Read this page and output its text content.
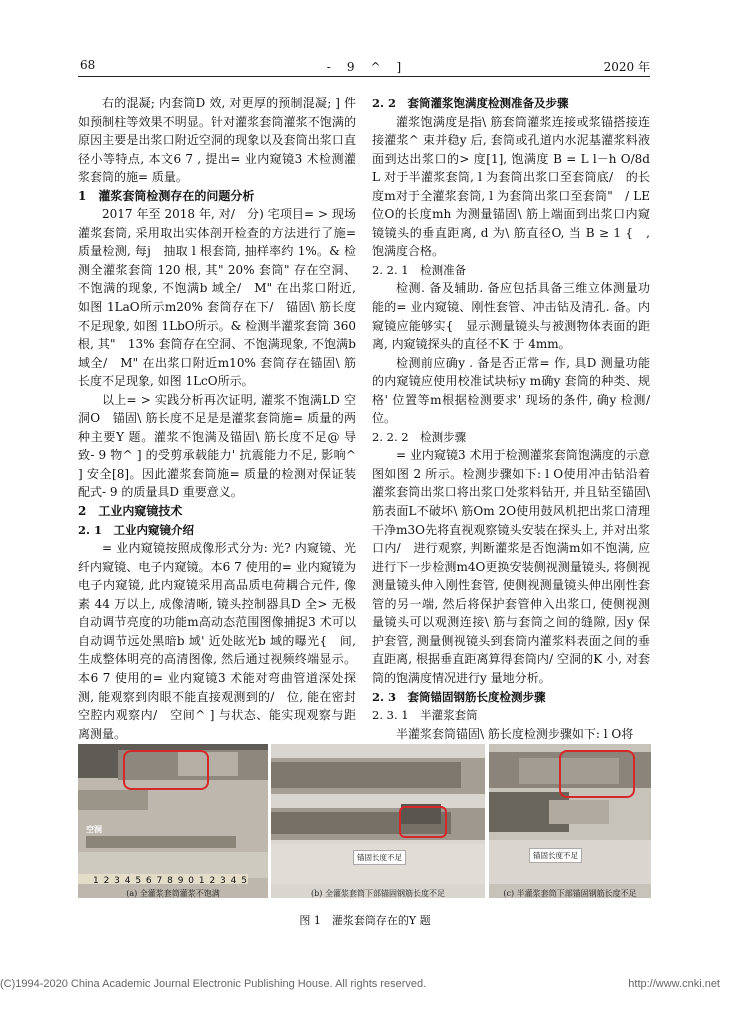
68	-　9　^　]	2020 年

右的混凝; 内套筒D 效, 对更厚的预制混凝; ] 件如预制柱等效果不明显。针对灌浆套筒灌浆不饱满的原因主要是出浆口附近空洞的现象以及套筒出浆口直径小等特点, 本文6 7 , 提出= 业内窥镜3 术检测灌浆套筒的施= 质量。

1　灌浆套筒检测存在的问题分析

2017 年至 2018 年, 对/　分) 宅项目= > 现场灌浆套筒, 采用取出实体剖开检查的方法进行了施= 质量检测, 每j　抽取 l 根套筒, 抽样率约 1%。& 检测全灌浆套筒 120 根, 其" 20% 套筒" 存在空洞、不饱满的现象, 不饱满b 域全/　M" 在出浆口附近, 如图 1LaO所示m20% 套筒存在下/　锚固\ 筋长度不足现象, 如图 1LbO所示。& 检测半灌浆套筒 360 根, 其"　13% 套筒存在空洞、不饱满现象, 不饱满b 域全/　M" 在出浆口附近m10% 套筒存在锚固\ 筋长度不足现象, 如图 1LcO所示。

以上= > 实践分析再次证明, 灌浆不饱满LD 空洞O　锚固\ 筋长度不足是是灌浆套筒施= 质量的两种主要Y 题。灌浆不饱满及锚固\ 筋长度不足@ 导致- 9 物^ ] 的受剪承载能力' 抗震能力不足, 影响^ ] 安全[8]。因此灌浆套筒施= 质量的检测对保证装配式- 9 的质量具D 重要意义。

2　工业内窥镜技术
2. 1　工业内窥镜介绍

= 业内窥镜按照成像形式分为: 光? 内窥镜、光纤内窥镜、电子内窥镜。本6 7 使用的= 业内窥镜为电子内窥镜, 此内窥镜采用高品质电荷耦合元件, 像素 44 万以上, 成像清晰, 镜头控制器具D 全> 无极自动调节亮度的功能m高动态范围图像捕捉3 术可以自动调节远处黑暗b 域' 近处眩光b 域的曝光{　间, 生成整体明亮的高清图像, 然后通过视频终端显示。本6 7 使用的= 业内窥镜3 术能对弯曲管道深处探测, 能观察到肉眼不能直接观测到的/　位, 能在密封空腔内观察内/　空间^ ] 与状态、能实现观察与距离测量。

2. 2　套筒灌浆饱满度检测准备及步骤

灌浆饱满度是指\ 筋套筒灌浆连接或浆锚搭接连接灌浆^ 束并稳y 后, 套筒或孔道内水泥基灌浆料液面到达出浆口的> 度[1], 饱满度 B = L l－h O/8d L 对于半灌浆套筒, l 为套筒出浆口至套筒底/　的长度m对于全灌浆套筒, l 为套筒出浆口至套筒"　/ LE 位O的长度mh 为测量锚固\ 筋上端面到出浆口内窥镜镜头的垂直距离, d 为\ 筋直径O, 当 B ≥ 1 {　, 饱满度合格。

2. 2. 1　检测准备

检测. 备及辅助. 备应包括具备三维立体测量功能的= 业内窥镜、刚性套管、冲击钻及清孔. 备。内窥镜应能够实{　显示测量镜头与被测物体表面的距离, 内窥镜探头的直径不K 于 4mm。

检测前应确y . 备是否正常= 作, 具D 测量功能的内窥镜应使用校准试块标y m确y 套筒的种类、规格' 位置等m根据检测要求' 现场的条件, 确y 检测/　位。

2. 2. 2　检测步骤

= 业内窥镜3 术用于检测灌浆套筒饱满度的示意图如图 2 所示。检测步骤如下: l O使用冲击钻沿着灌浆套筒出浆口将出浆口处浆料钻开, 并且钻至锚固\ 筋表面L不破坏\ 筋Om 2O使用鼓风机把出浆口清理干净m3O先将直视观察镜头安装在探头上, 并对出浆口内/　进行观察, 判断灌浆是否饱满m如不饱满, 应进行下一步检测m4O更换安装侧视测量镜头, 将侧视测量镜头伸入刚性套管, 使侧视测量镜头伸出刚性套管的另一端, 然后将保护套管伸入出浆口, 使侧视测量镜头可以观测连接\ 筋与套筒之间的缝隙, 因y 保护套管, 测量侧视镜头到套筒内灌浆料表面之间的垂直距离, 根据垂直距离算得套筒内/ 空洞的K 小, 对套筒的饱满度情况进行y 量地分析。

2. 3　套筒锚固钢筋长度检测步骤
2. 3. 1　半灌浆套筒

半灌浆套筒锚固\ 筋长度检测步骤如下: l O将

空洞
1 2 3 4 5 6 7 8 9 0 1 2 3 4 5
锚固长度不足	锚固长度不足
(a) 全灌浆套筒灌浆不饱满	(b) 全灌浆套筒下部锚固钢筋长度不足	(c) 半灌浆套筒下部锚固钢筋长度不足
图 1　灌浆套筒存在的Y 题
(C)1994-2020 China Academic Journal Electronic Publishing House. All rights reserved.	http://www.cnki.net
